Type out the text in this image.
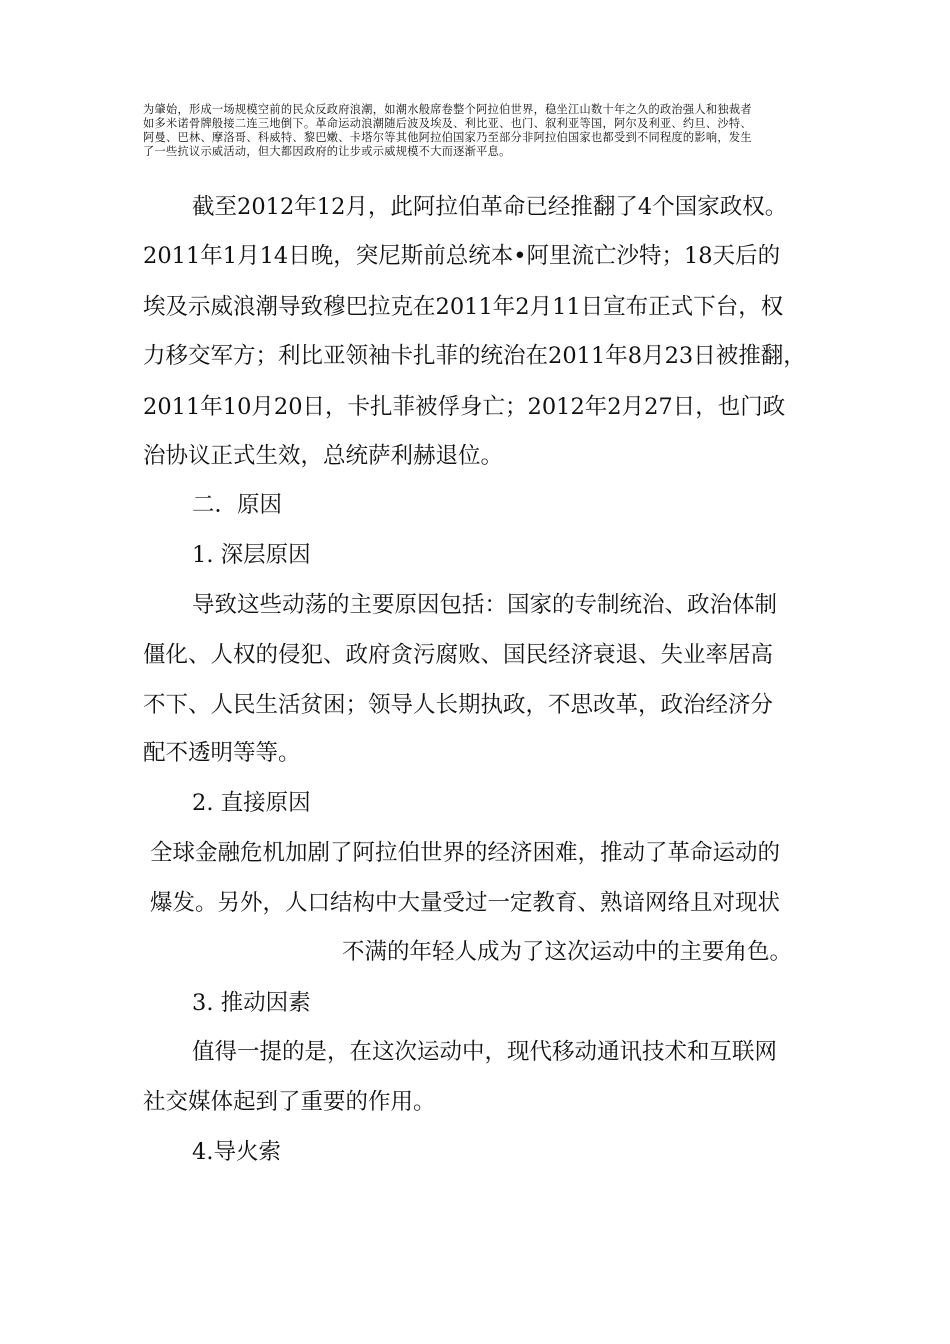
为肇始，形成一场规模空前的民众反政府浪潮，如潮水般席卷整个阿拉伯世界，稳坐江山数十年之久的政治强人和独裁者
如多米诺骨牌般接二连三地倒下。革命运动浪潮随后波及埃及、利比亚、也门、叙利亚等国，阿尔及利亚、约旦、沙特、
阿曼、巴林、摩洛哥、科威特、黎巴嫩、卡塔尔等其他阿拉伯国家乃至部分非阿拉伯国家也都受到不同程度的影响，发生
了一些抗议示威活动，但大都因政府的让步或示威规模不大而逐渐平息。
截至2012年12月，此阿拉伯革命已经推翻了4个国家政权。
2011年1月14日晚，突尼斯前总统本•阿里流亡沙特；18天后的
埃及示威浪潮导致穆巴拉克在2011年2月11日宣布正式下台，权
力移交军方；利比亚领袖卡扎菲的统治在2011年8月23日被推翻，
2011年10月20日，卡扎菲被俘身亡；2012年2月27日，也门政
治协议正式生效，总统萨利赫退位。
二．原因
1. 深层原因
导致这些动荡的主要原因包括：国家的专制统治、政治体制
僵化、人权的侵犯、政府贪污腐败、国民经济衰退、失业率居高
不下、人民生活贫困；领导人长期执政，不思改革，政治经济分
配不透明等等。
2. 直接原因
全球金融危机加剧了阿拉伯世界的经济困难，推动了革命运动的
爆发。另外，人口结构中大量受过一定教育、熟谙网络且对现状
不满的年轻人成为了这次运动中的主要角色。
3. 推动因素
值得一提的是，在这次运动中，现代移动通讯技术和互联网
社交媒体起到了重要的作用。
4.导火索
